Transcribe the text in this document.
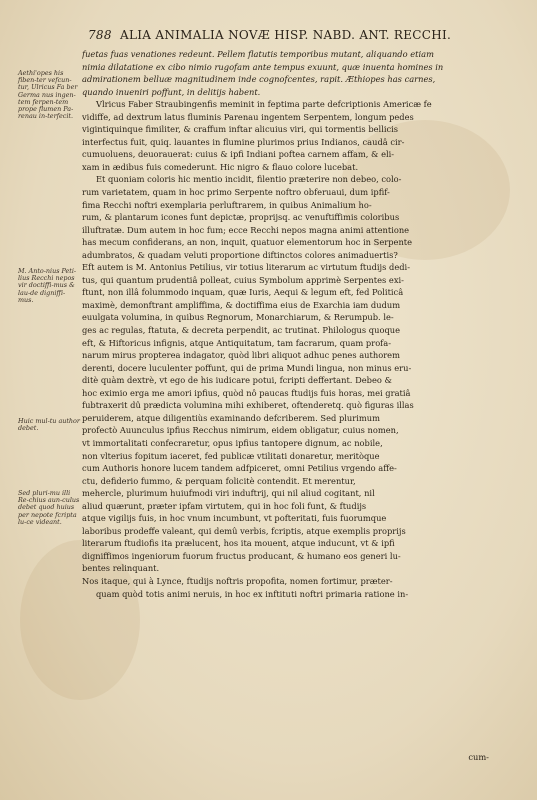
788 ALIA ANIMALIA NOVÆ HISP. NABD. ANT. RECCHI.
Aethi'opes his fiben-ter vefcun-tur, Ulricus Fa ber Germa nus ingen-tem ferpen-tem prope flumen Pa-renau in-terfecit.
M. Anto-nius Peti-lius Recchi nepos vir doctiffi-mus & lau-de digniffi-mus.
Huic mul-tu author debet.
Sed pluri-mu illi Re-chius aun-culus debet quod huius per nepote fcripta lu-ce videant.
fuetas fuas venationes redeunt. Pellem flatutis temporibus mutant, aliquando etiam
nimia dilatatione ex cibo nimio rugofam ante tempus exuunt, quæ inuenta homines in
admirationem belluæ magnitudinem inde cognofcentes, rapit. Æthiopes has carnes,
quando inueniri poffunt, in delitijs habent.
Vlricus Faber Straubingenfis meminit in feptima parte defcriptionis Americæ fe
vidiffe, ad dextrum latus fluminis Parenau ingentem Serpentem, longum pedes
vigintiquinque fimiliter, & craffum inftar alicuius viri, qui tormentis bellicis
interfectus fuit, quiq. lauantes in flumine plurimos prius Indianos, caudâ cir-
cumuoluens, deuorauerat: cuius & ipfi Indiani poftea carnem affam, & eli-
xam in ædibus fuis comederunt. Hic nigro & flauo colore lucebat.
Et quoniam coloris hic mentio incidit, filentio præterire non debeo, colo-
rum varietatem, quam in hoc primo Serpente noftro obferuaui, dum ipfif-
fima Recchi noftri exemplaria perluftrarem, in quibus Animalium ho-
rum, & plantarum icones funt depictæ, proprijsq. ac venuftiffimis coloribus
illuftratæ. Dum autem in hoc fum; ecce Recchi nepos magna animi attentione
has mecum confiderans, an non, inquit, quatuor elementorum hoc in Serpente
adumbratos, & quadam veluti proportione diftinctos colores animaduertis?
Eft autem is M. Antonius Petilius, vir totius literarum ac virtutum ftudijs dedi-
tus, qui quantum prudentiâ polleat, cuius Symbolum apprimè Serpentes exi-
ftunt, non illâ folummodo inquam, quæ Iuris, Aequi & legum eft, fed Politicâ
maximè, demonftrant ampliffima, & doctiffima eius de Exarchia iam dudum
euulgata volumina, in quibus Regnorum, Monarchiarum, & Rerumpub. le-
ges ac regulas, ftatuta, & decreta perpendit, ac trutinat. Philologus quoque
eft, & Hiftoricus infignis, atque Antiquitatum, tam facrarum, quam profa-
narum mirus propterea indagator, quòd libri aliquot adhuc penes authorem
derenti, docere luculenter poffunt, qui de prima Mundi lingua, non minus eru-
ditè quàm dextrè, vt ego de his iudicare potui, fcripti deffertant. Debeo &
hoc eximio erga me amori ipfius, quòd nô paucas ftudijs fuis horas, mei gratiâ
fubtraxerit dû prædicta volumina mihi exhiberet, oftenderetq. quò figuras illas
peruiderem, atque diligentiùs examinando defcriberem. Sed plurimum
profectò Auunculus ipfius Recchus nimirum, eidem obligatur, cuius nomen,
vt immortalitati confecraretur, opus ipfius tantopere dignum, ac nobile,
non vlterius fopitum iaceret, fed publicæ vtilitati donaretur, meritòque
cum Authoris honore lucem tandem adfpiceret, omni Petilius vrgendo affe-
ctu, defiderio fummo, & perquam folicitè contendit. Et merentur,
mehercle, plurimum huiufmodi viri induftrij, qui nil aliud cogitant, nil
aliud quærunt, præter ipfam virtutem, qui in hoc foli funt, & ftudijs
atque vigilijs fuis, in hoc vnum incumbunt, vt pofteritati, fuis fuorumque
laboribus prodeffe valeant, qui demû verbis, fcriptis, atque exemplis proprijs
literarum ftudiofis ita prælucent, hos ita mouent, atque inducunt, vt & ipfi
digniffimos ingeniorum fuorum fructus producant, & humano eos generi lu-
bentes relinquant.
Nos itaque, qui à Lynce, ftudijs noftris propofita, nomen fortimur, præter-
quam quòd totis animi neruis, in hoc ex inftituti noftri primaria ratione in-
cum-
